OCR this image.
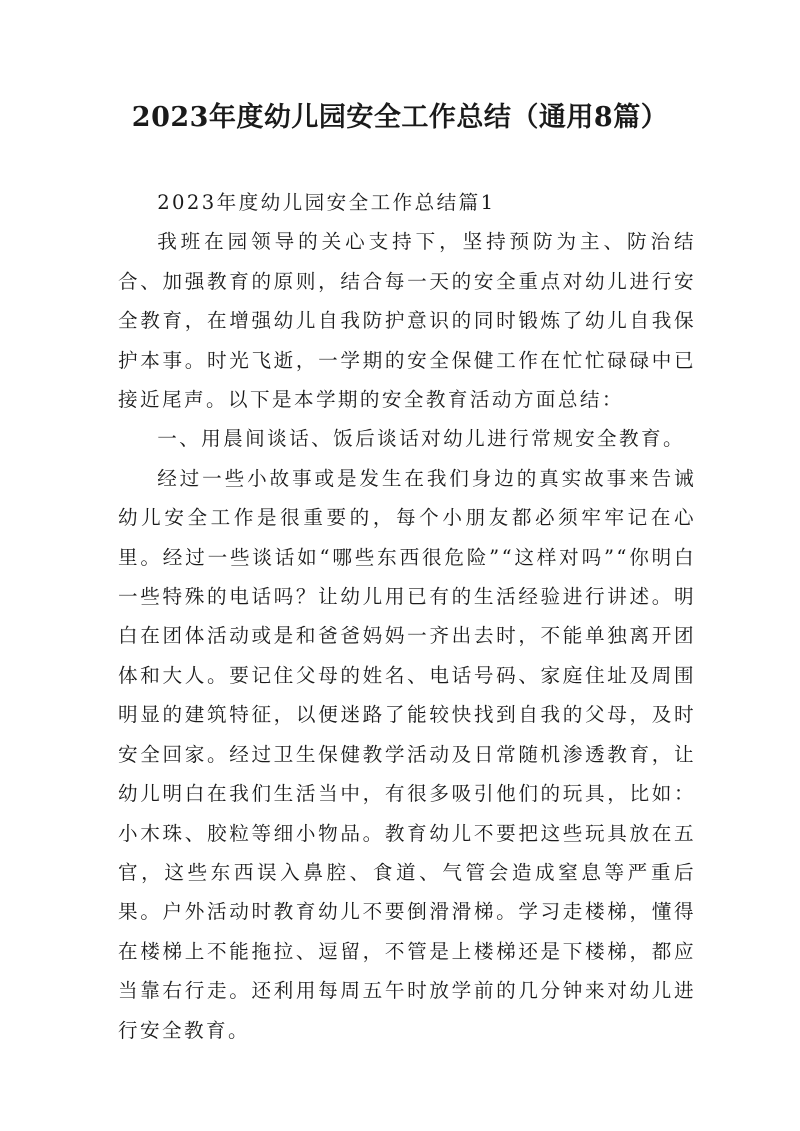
2023年度幼儿园安全工作总结（通用8篇）

2023年度幼儿园安全工作总结篇1

我班在园领导的关心支持下，坚持预防为主、防治结合、加强教育的原则，结合每一天的安全重点对幼儿进行安全教育，在增强幼儿自我防护意识的同时锻炼了幼儿自我保护本事。时光飞逝，一学期的安全保健工作在忙忙碌碌中已接近尾声。以下是本学期的安全教育活动方面总结：

一、用晨间谈话、饭后谈话对幼儿进行常规安全教育。

经过一些小故事或是发生在我们身边的真实故事来告诫幼儿安全工作是很重要的，每个小朋友都必须牢牢记在心里。经过一些谈话如“哪些东西很危险”“这样对吗”“你明白一些特殊的电话吗？让幼儿用已有的生活经验进行讲述。明白在团体活动或是和爸爸妈妈一齐出去时，不能单独离开团体和大人。要记住父母的姓名、电话号码、家庭住址及周围明显的建筑特征，以便迷路了能较快找到自我的父母，及时安全回家。经过卫生保健教学活动及日常随机渗透教育，让幼儿明白在我们生活当中，有很多吸引他们的玩具，比如：小木珠、胶粒等细小物品。教育幼儿不要把这些玩具放在五官，这些东西误入鼻腔、食道、气管会造成窒息等严重后果。户外活动时教育幼儿不要倒滑滑梯。学习走楼梯，懂得在楼梯上不能拖拉、逗留，不管是上楼梯还是下楼梯，都应当靠右行走。还利用每周五午时放学前的几分钟来对幼儿进行安全教育。
